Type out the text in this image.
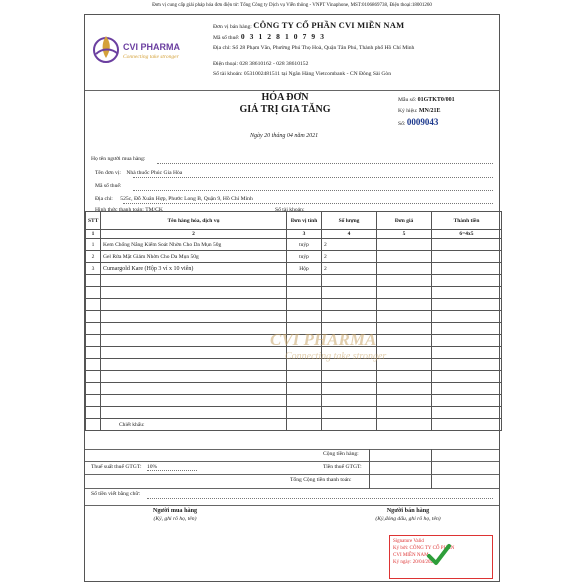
Đơn vị cung cấp giải pháp hóa đơn điện tử: Tổng Công ty Dịch vụ Viễn thông - VNPT Vinaphone, MST:0106869738, Điện thoại:18001260
CVI PHARMA
Connecting take stronger
Đơn vị bán hàng: CÔNG TY CỔ PHẦN CVI MIỀN NAM
Mã số thuế: 0 3 1 2 8 1 0 7 9 3
Địa chỉ: Số 28 Phạm Văn, Phường Phú Thọ Hoà, Quận Tân Phú, Thành phố Hồ Chí Minh
Điện thoại: 028 38610162 - 028 38610152
Số tài khoản: 0531002481511 tại Ngân Hàng Vietcombank - CN Đông Sài Gòn
HÓA ĐƠN
GIÁ TRỊ GIA TĂNG
Mẫu số: 01GTKT0/001
Ký hiệu: MN/21E
Số: 0009043
Ngày 20 tháng 04 năm 2021
Họ tên người mua hàng:
Tên đơn vị: Nhà thuốc Phúc Gia Hòa
Mã số thuế:
Địa chỉ: 525c, Đỗ Xuân Hợp, Phước Long B, Quận 9, Hồ Chí Minh
Hình thức thanh toán: TM/CK	Số tài khoản:
STT	Tên hàng hóa, dịch vụ	Đơn vị tính	Số lượng	Đơn giá	Thành tiền
1	2	3	4	5	6=4x5
1	Kem Chống Nắng Kiểm Soát Nhờn Cho Da Mụn 50g	tuýp	2		
2	Gel Rửa Mặt Giảm Nhờn Cho Da Mụn 50g	tuýp	2		
3	Cumargold Kare (Hộp 3 vỉ x 10 viên)	Hộp	2		

	Chiết khấu:				
CVI PHARMA
Connecting take stronger
Cộng tiền hàng:
Thuế suất thuế GTGT: 10%	Tiền thuế GTGT:
Tổng Cộng tiền thanh toán:
Số tiền viết bằng chữ:
Người mua hàng
(Ký, ghi rõ họ, tên)
Người bán hàng
(Ký,đóng dấu, ghi rõ họ, tên)
Signature Valid
Ký bởi: CÔNG TY CỔ PHẦN
CVI MIỀN NAM
Ký ngày: 20/04/2021
